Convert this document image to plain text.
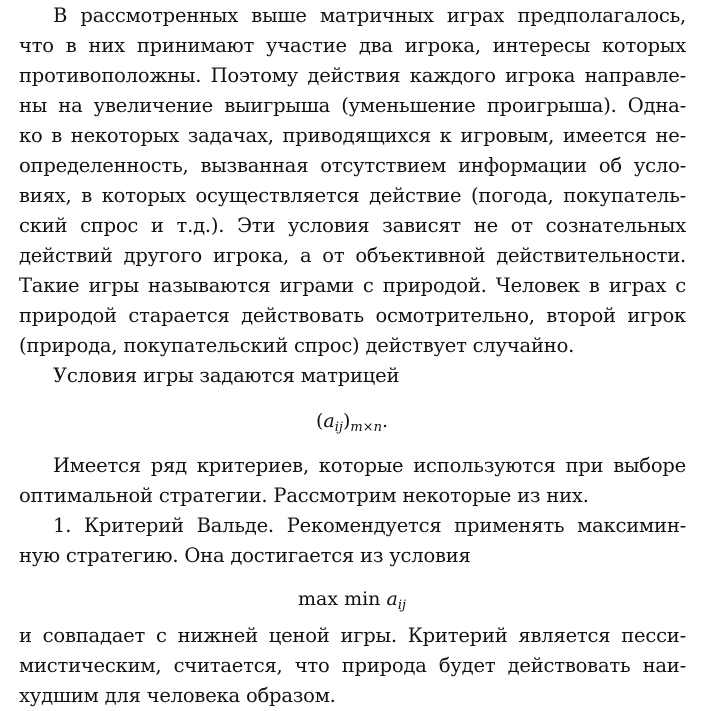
В рассмотренных выше матричных играх предполагалось,
что в них принимают участие два игрока, интересы которых
противоположны. Поэтому действия каждого игрока направле-
ны на увеличение выигрыша (уменьшение проигрыша). Одна-
ко в некоторых задачах, приводящихся к игровым, имеется не-
определенность, вызванная отсутствием информации об усло-
виях, в которых осуществляется действие (погода, покупатель-
ский спрос и т.д.). Эти условия зависят не от сознательных
действий другого игрока, а от объективной действительности.
Такие игры называются играми с природой. Человек в играх с
природой старается действовать осмотрительно, второй игрок
(природа, покупательский спрос) действует случайно.
Условия игры задаются матрицей
$(a_{ij})_{m\times n}$.
Имеется ряд критериев, которые используются при выборе
оптимальной стратегии. Рассмотрим некоторые из них.
1. Критерий Вальде. Рекомендуется применять максимин-
ную стратегию. Она достигается из условия
$\max \min a_{ij}$
и совпадает с нижней ценой игры. Критерий является песси-
мистическим, считается, что природа будет действовать наи-
худшим для человека образом.
